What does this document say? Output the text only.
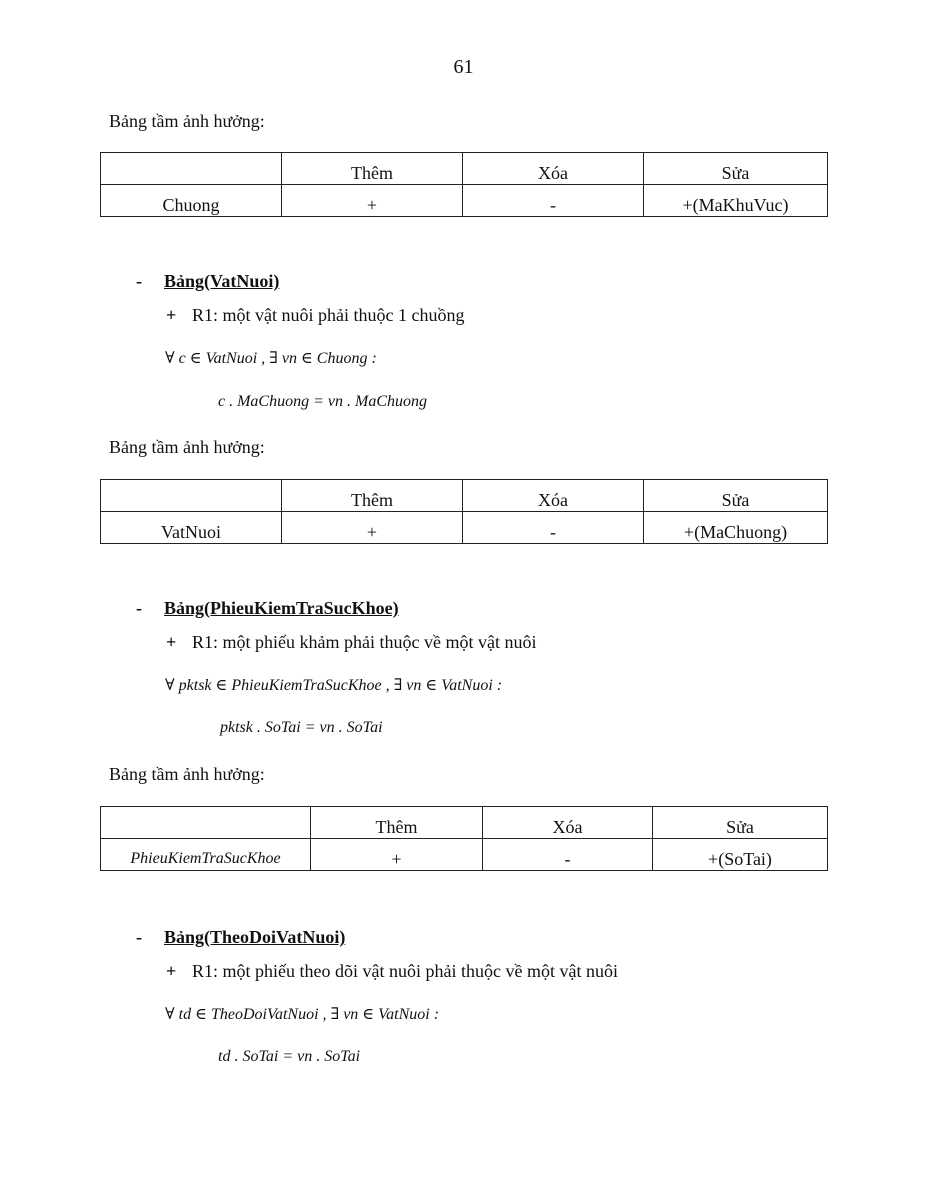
61
Bảng tầm ảnh hưởng:
	Thêm	Xóa	Sửa
Chuong	+	-	+(MaKhuVuc)
-	Bảng(VatNuoi)
+ R1: một vật nuôi phải thuộc 1 chuồng
∀ c ∈ VatNuoi , ∃ vn ∈ Chuong :
c . MaChuong = vn . MaChuong
Bảng tầm ảnh hưởng:
	Thêm	Xóa	Sửa
VatNuoi	+	-	+(MaChuong)
-	Bảng(PhieuKiemTraSucKhoe)
+ R1: một phiếu khảm phải thuộc về một vật nuôi
∀ pktsk ∈ PhieuKiemTraSucKhoe , ∃ vn ∈ VatNuoi :
pktsk . SoTai = vn . SoTai
Bảng tầm ảnh hưởng:
	Thêm	Xóa	Sửa
PhieuKiemTraSucKhoe	+	-	+(SoTai)
-	Bảng(TheoDoiVatNuoi)
+ R1: một phiếu theo dõi vật nuôi phải thuộc về một vật nuôi
∀ td ∈ TheoDoiVatNuoi , ∃ vn ∈ VatNuoi :
td . SoTai = vn . SoTai
